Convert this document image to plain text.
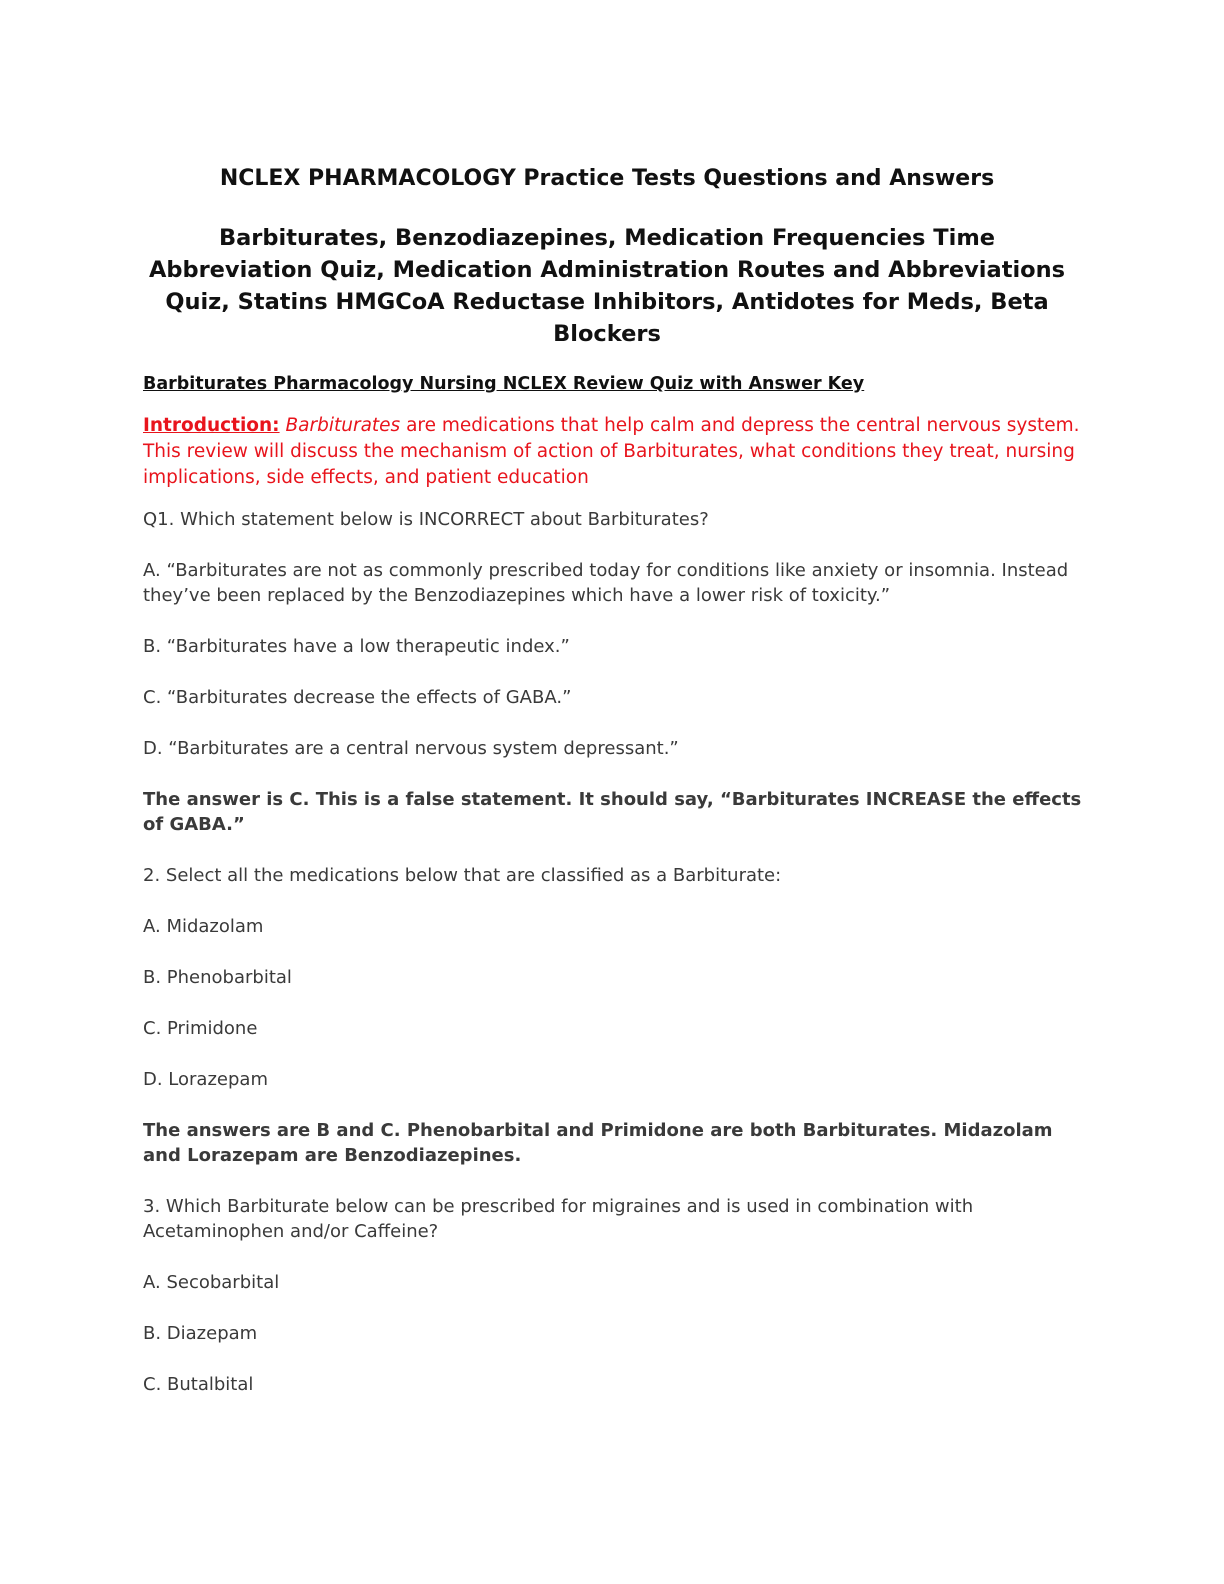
NCLEX PHARMACOLOGY Practice Tests Questions and Answers
Barbiturates, Benzodiazepines, Medication Frequencies Time Abbreviation Quiz, Medication Administration Routes and Abbreviations Quiz, Statins HMGCoA Reductase Inhibitors, Antidotes for Meds, Beta Blockers

Barbiturates Pharmacology Nursing NCLEX Review Quiz with Answer Key

Introduction: Barbiturates are medications that help calm and depress the central nervous system. This review will discuss the mechanism of action of Barbiturates, what conditions they treat, nursing implications, side effects, and patient education

Q1. Which statement below is INCORRECT about Barbiturates?

A. “Barbiturates are not as commonly prescribed today for conditions like anxiety or insomnia. Instead they’ve been replaced by the Benzodiazepines which have a lower risk of toxicity.”

B. “Barbiturates have a low therapeutic index.”

C. “Barbiturates decrease the effects of GABA.”

D. “Barbiturates are a central nervous system depressant.”

The answer is C. This is a false statement. It should say, “Barbiturates INCREASE the effects of GABA.”

2. Select all the medications below that are classified as a Barbiturate:

A. Midazolam

B. Phenobarbital

C. Primidone

D. Lorazepam

The answers are B and C. Phenobarbital and Primidone are both Barbiturates. Midazolam and Lorazepam are Benzodiazepines.

3. Which Barbiturate below can be prescribed for migraines and is used in combination with Acetaminophen and/or Caffeine?

A. Secobarbital

B. Diazepam

C. Butalbital
